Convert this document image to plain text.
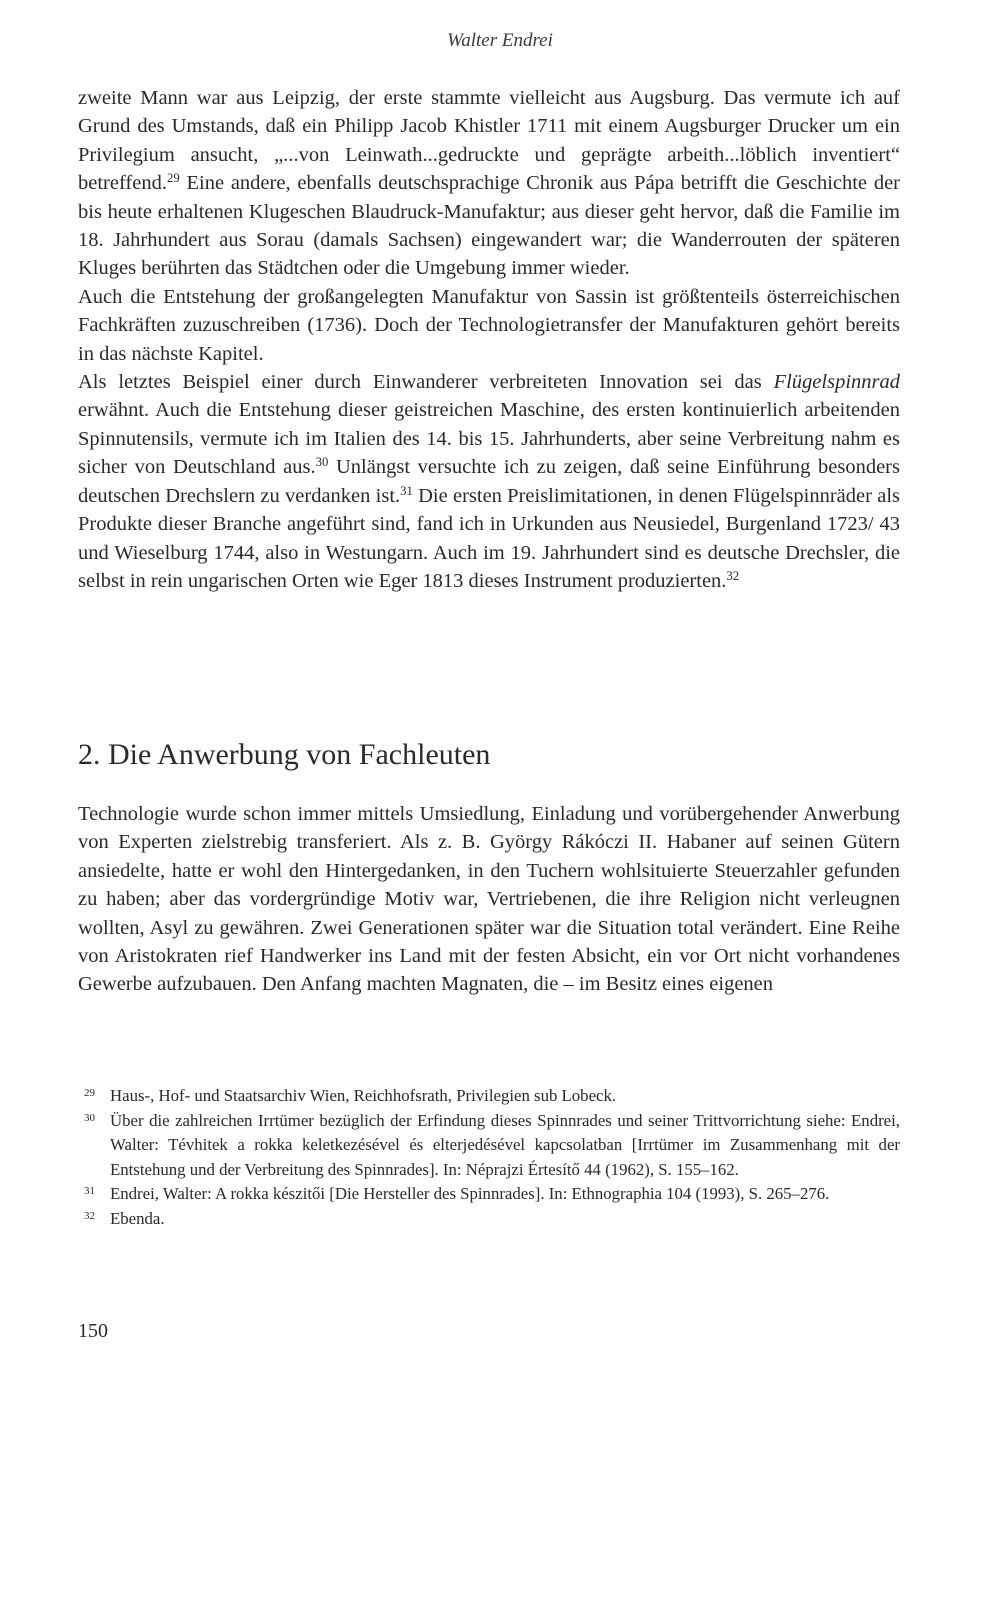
Walter Endrei

zweite Mann war aus Leipzig, der erste stammte vielleicht aus Augsburg. Das vermute ich auf Grund des Umstands, daß ein Philipp Jacob Khistler 1711 mit einem Augsburger Drucker um ein Privilegium ansucht, „...von Leinwath...gedruckte und geprägte arbeith...löblich inventiert“ betreffend.$^{29}$ Eine andere, ebenfalls deutschsprachige Chronik aus Pápa betrifft die Geschichte der bis heute erhaltenen Klugeschen Blaudruck-Manufaktur; aus dieser geht hervor, daß die Familie im 18. Jahrhundert aus Sorau (damals Sachsen) eingewandert war; die Wanderrouten der späteren Kluges berührten das Städtchen oder die Umgebung immer wieder.

Auch die Entstehung der großangelegten Manufaktur von Sassin ist größtenteils österreichischen Fachkräften zuzuschreiben (1736). Doch der Technologietransfer der Manufakturen gehört bereits in das nächste Kapitel.

Als letztes Beispiel einer durch Einwanderer verbreiteten Innovation sei das Flügelspinnrad erwähnt. Auch die Entstehung dieser geistreichen Maschine, des ersten kontinuierlich arbeitenden Spinnutensils, vermute ich im Italien des 14. bis 15. Jahrhunderts, aber seine Verbreitung nahm es sicher von Deutschland aus.$^{30}$ Unlängst versuchte ich zu zeigen, daß seine Einführung besonders deutschen Drechslern zu verdanken ist.$^{31}$ Die ersten Preislimitationen, in denen Flügelspinnräder als Produkte dieser Branche angeführt sind, fand ich in Urkunden aus Neusiedel, Burgenland 1723/ 43 und Wieselburg 1744, also in Westungarn. Auch im 19. Jahrhundert sind es deutsche Drechsler, die selbst in rein ungarischen Orten wie Eger 1813 dieses Instrument produzierten.$^{32}$

2. Die Anwerbung von Fachleuten

Technologie wurde schon immer mittels Umsiedlung, Einladung und vorübergehender Anwerbung von Experten zielstrebig transferiert. Als z. B. György Rákóczi II. Habaner auf seinen Gütern ansiedelte, hatte er wohl den Hintergedanken, in den Tuchern wohlsituierte Steuerzahler gefunden zu haben; aber das vordergründige Motiv war, Vertriebenen, die ihre Religion nicht verleugnen wollten, Asyl zu gewähren. Zwei Generationen später war die Situation total verändert. Eine Reihe von Aristokraten rief Handwerker ins Land mit der festen Absicht, ein vor Ort nicht vorhandenes Gewerbe aufzubauen. Den Anfang machten Magnaten, die – im Besitz eines eigenen

29 Haus-, Hof- und Staatsarchiv Wien, Reichhofsrath, Privilegien sub Lobeck.
30 Über die zahlreichen Irrtümer bezüglich der Erfindung dieses Spinnrades und seiner Trittvorrichtung siehe: Endrei, Walter: Tévhitek a rokka keletkezésével és elterjedésével kapcsolatban [Irrtümer im Zusammenhang mit der Entstehung und der Verbreitung des Spinnrades]. In: Néprajzi Értesítő 44 (1962), S. 155–162.
31 Endrei, Walter: A rokka készitői [Die Hersteller des Spinnrades]. In: Ethnographia 104 (1993), S. 265–276.
32 Ebenda.
150
